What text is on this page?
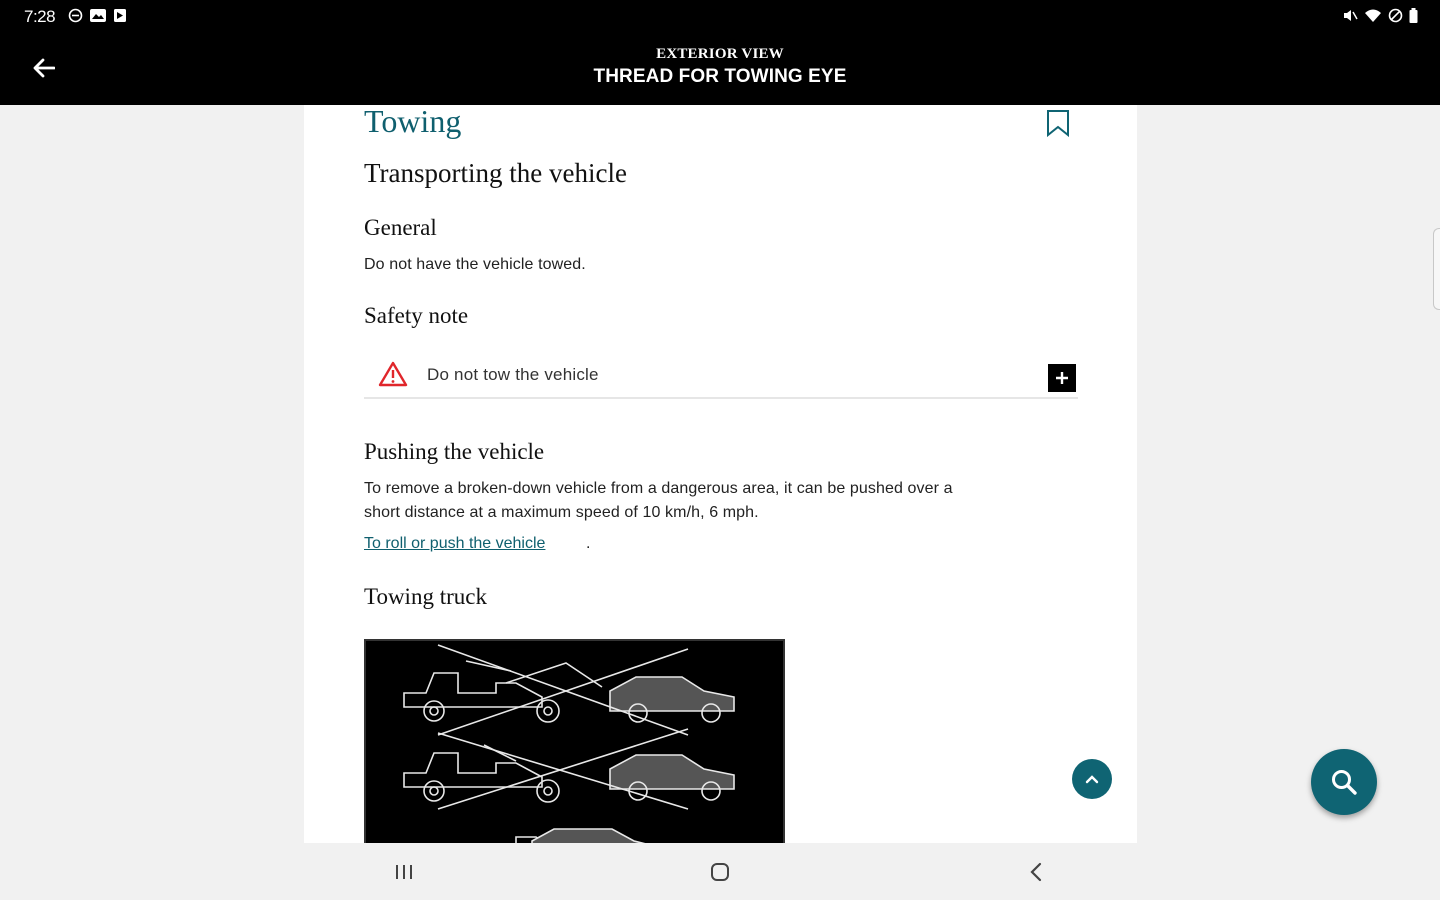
7:28
EXTERIOR VIEW
THREAD FOR TOWING EYE
Towing
Transporting the vehicle
General

Do not have the vehicle towed.

Safety note
Do not tow the vehicle
Pushing the vehicle

To remove a broken-down vehicle from a dangerous area, it can be pushed over a

short distance at a maximum speed of 10 km/h, 6 mph.

To roll or push the vehicle	.
Towing truck
